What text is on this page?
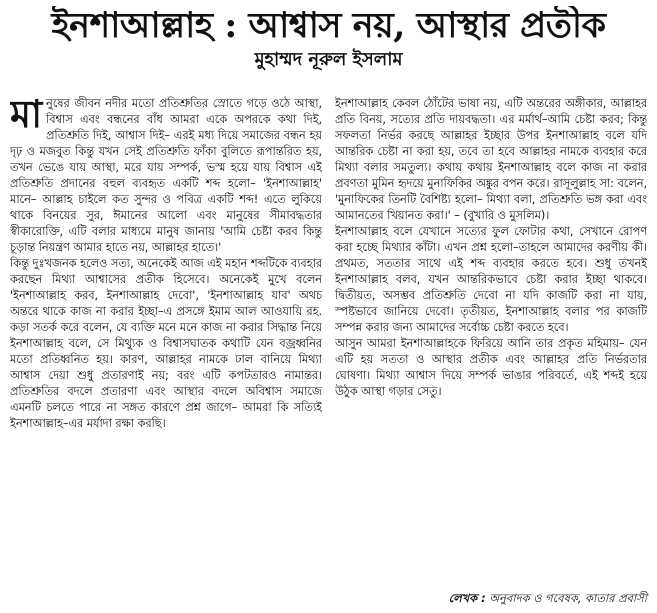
ইনশাআল্লাহ : আশ্বাস নয়, আস্থার প্রতীক
মুহাম্মদ নূরুল ইসলাম

মানুষের জীবন নদীর মতো প্রতিশ্রুতির স্রোতে গড়ে ওঠে আস্থা, বিশ্বাস এবং বন্ধনের বাঁধ আমরা একে অপরকে কথা দিই, প্রতিশ্রুতি দিই, আশ্বাস দিই– এরই মধ্য দিয়ে সমাজের বন্ধন হয় দৃঢ় ও মজবুত কিন্তু যখন সেই প্রতিশ্রুতি ফাঁকা বুলিতে রূপান্তরিত হয়, তখন ভেঙে যায় আস্থা, মরে যায় সম্পর্ক, ভস্ম হয়ে যায় বিশ্বাস এই প্রতিশ্রুতি প্রদানের বহুল ব্যবহৃত একটি শব্দ হলো– 'ইনশাআল্লাহ' মানে– আল্লাহ চাইলে কত সুন্দর ও পবিত্র একটি শব্দ! এতে লুকিয়ে থাকে বিনয়ের সুর, ঈমানের আলো এবং মানুষের সীমাবদ্ধতার স্বীকারোক্তি, এটি বলার মাধ্যমে মানুষ জানায় 'আমি চেষ্টা করব কিন্তু চূড়ান্ত নিয়ন্ত্রণ আমার হাতে নয়, আল্লাহর হাতে।'

কিন্তু দুঃখজনক হলেও সত্য, অনেকেই আজ এই মহান শব্দটিকে ব্যবহার করছেন মিথ্যা আশ্বাসের প্রতীক হিসেবে। অনেকেই মুখে বলেন 'ইনশাআল্লাহ করব, ইনশাআল্লাহ দেবো', 'ইনশাআল্লাহ যাব' অথচ অন্তরে থাকে কাজ না করার ইচ্ছা–এ প্রসঙ্গে ইমাম আল আওযায়ি রহ. কড়া সতর্ক করে বলেন, যে ব্যক্তি মনে মনে কাজ না করার সিদ্ধান্ত নিয়ে ইনশাআল্লাহ বলে, সে মিথ্যুক ও বিশ্বাসঘাতক কথাটি যেন বজ্রধ্বনির মতো প্রতিধ্বনিত হয়। কারণ, আল্লাহর নামকে ঢাল বানিয়ে মিথ্যা আশ্বাস দেয়া শুধু প্রতারণাই নয়; বরং এটি কপটতারও নামান্তর। প্রতিশ্রুতির বদলে প্রতারণা এবং আস্থার বদলে অবিশ্বাস সমাজে এমনটি চলতে পারে না সঙ্গত কারণে প্রশ্ন জাগে– আমরা কি সত্যিই ইনশাআল্লাহ–এর মর্যাদা রক্ষা করছি।

ইনশাআল্লাহ কেবল ঠোঁটের ভাষা নয়, এটি অন্তরের অঙ্গীকার, আল্লাহর প্রতি বিনয়, সত্যের প্রতি দায়বদ্ধতা। এর মর্মার্থ–আমি চেষ্টা করব; কিন্তু সফলতা নির্ভর করছে আল্লাহর ইচ্ছার উপর ইনশাআল্লাহ বলে যদি আন্তরিক চেষ্টা না করা হয়, তবে তা হবে আল্লাহর নামকে ব্যবহার করে মিথ্যা বলার সমতুল্য। কথায় কথায় ইনশাআল্লাহ বলে কাজ না করার প্রবণতা মুমিন হৃদয়ে মুনাফিকির অঙ্কুর বপন করে। রাসূলুল্লাহ সা: বলেন, 'মুনাফিকের তিনটি বৈশিষ্ট্য হলো– মিথ্যা বলা, প্রতিশ্রুতি ভঙ্গ করা এবং আমানতের খিয়ানত করা।' – (বুখারি ও মুসলিম)।

ইনশাআল্লাহ বলে যেখানে সত্যের ফুল ফোটার কথা, সেখানে রোপণ করা হচ্ছে মিথ্যার কাঁটা। এখন প্রশ্ন হলো–তাহলে আমাদের করণীয় কী। প্রথমত, সততার সাথে এই শব্দ ব্যবহার করতে হবে। শুধু তখনই ইনশাআল্লাহ বলব, যখন আন্তরিকভাবে চেষ্টা করার ইচ্ছা থাকবে। দ্বিতীয়ত, অসম্ভব প্রতিশ্রুতি দেবো না যদি কাজটি করা না যায়, স্পষ্টভাবে জানিয়ে দেবো। তৃতীয়ত, ইনশাআল্লাহ বলার পর কাজটি সম্পন্ন করার জন্য আমাদের সর্বোচ্চ চেষ্টা করতে হবে।

আসুন আমরা ইনশাআল্লাহকে ফিরিয়ে আনি তার প্রকৃত মহিমায়– যেন এটি হয় সততা ও আস্থার প্রতীক এবং আল্লাহর প্রতি নির্ভরতার ঘোষণা। মিথ্যা আশ্বাস দিয়ে সম্পর্ক ভাঙার পরিবর্তে, এই শব্দই হয়ে উঠুক আস্থা গড়ার সেতু।

লেখক : অনুবাদক ও গবেষক, কাতার প্রবাসী
